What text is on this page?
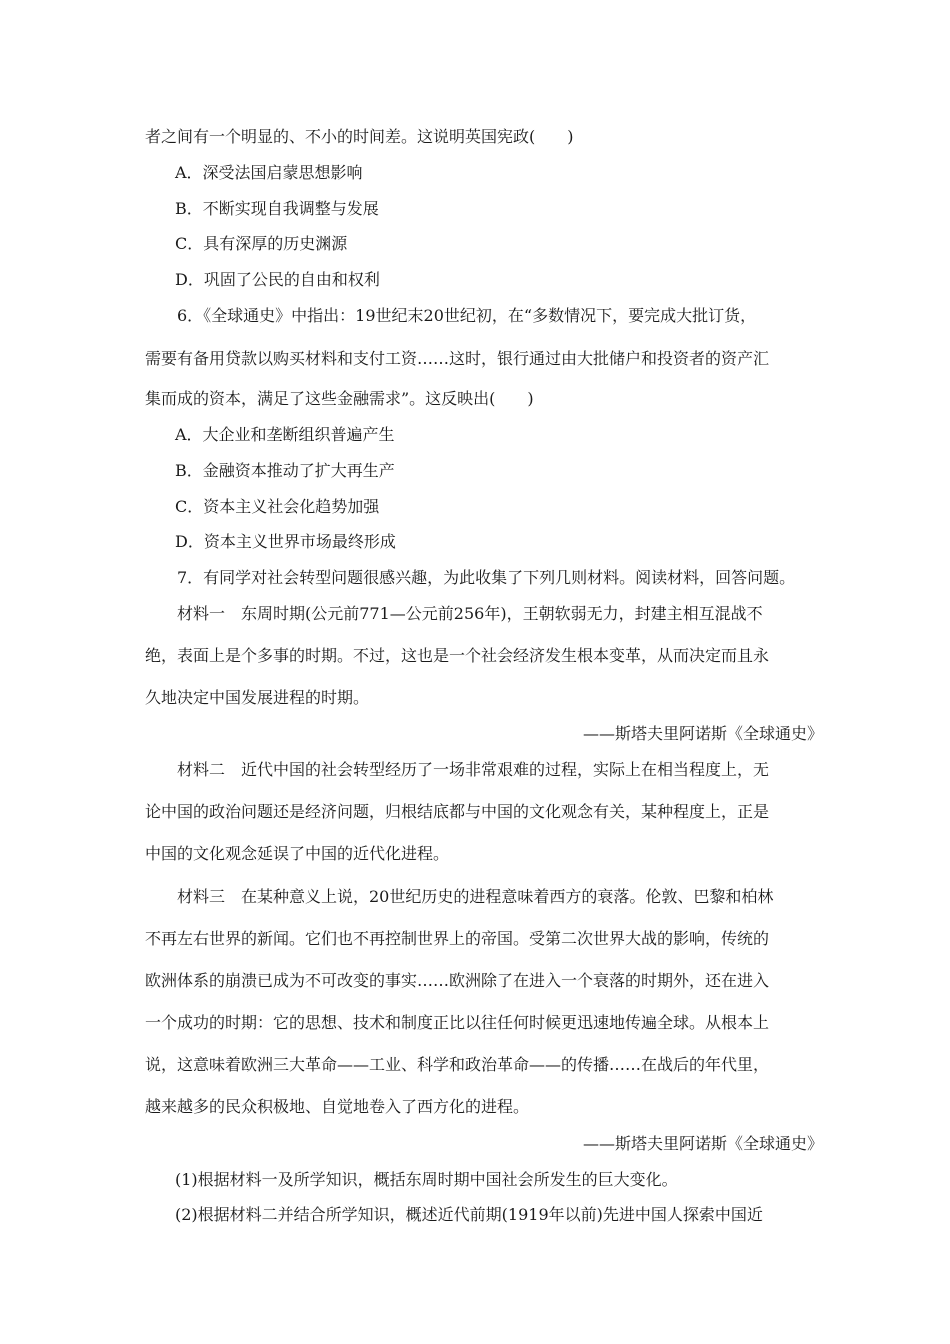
者之间有一个明显的、不小的时间差。这说明英国宪政(　　)
A．深受法国启蒙思想影响
B．不断实现自我调整与发展
C．具有深厚的历史渊源
D．巩固了公民的自由和权利
6．《全球通史》中指出：19世纪末20世纪初，在“多数情况下，要完成大批订货，
需要有备用贷款以购买材料和支付工资……这时，银行通过由大批储户和投资者的资产汇
集而成的资本，满足了这些金融需求”。这反映出(　　)
A．大企业和垄断组织普遍产生
B．金融资本推动了扩大再生产
C．资本主义社会化趋势加强
D．资本主义世界市场最终形成
7．有同学对社会转型问题很感兴趣，为此收集了下列几则材料。阅读材料，回答问题。
材料一　东周时期(公元前771—公元前256年)，王朝软弱无力，封建主相互混战不
绝，表面上是个多事的时期。不过，这也是一个社会经济发生根本变革，从而决定而且永
久地决定中国发展进程的时期。
——斯塔夫里阿诺斯《全球通史》
材料二　近代中国的社会转型经历了一场非常艰难的过程，实际上在相当程度上，无
论中国的政治问题还是经济问题，归根结底都与中国的文化观念有关，某种程度上，正是
中国的文化观念延误了中国的近代化进程。
材料三　在某种意义上说，20世纪历史的进程意味着西方的衰落。伦敦、巴黎和柏林
不再左右世界的新闻。它们也不再控制世界上的帝国。受第二次世界大战的影响，传统的
欧洲体系的崩溃已成为不可改变的事实……欧洲除了在进入一个衰落的时期外，还在进入
一个成功的时期：它的思想、技术和制度正比以往任何时候更迅速地传遍全球。从根本上
说，这意味着欧洲三大革命——工业、科学和政治革命——的传播……在战后的年代里，
越来越多的民众积极地、自觉地卷入了西方化的进程。
——斯塔夫里阿诺斯《全球通史》
(1)根据材料一及所学知识，概括东周时期中国社会所发生的巨大变化。
(2)根据材料二并结合所学知识，概述近代前期(1919年以前)先进中国人探索中国近
